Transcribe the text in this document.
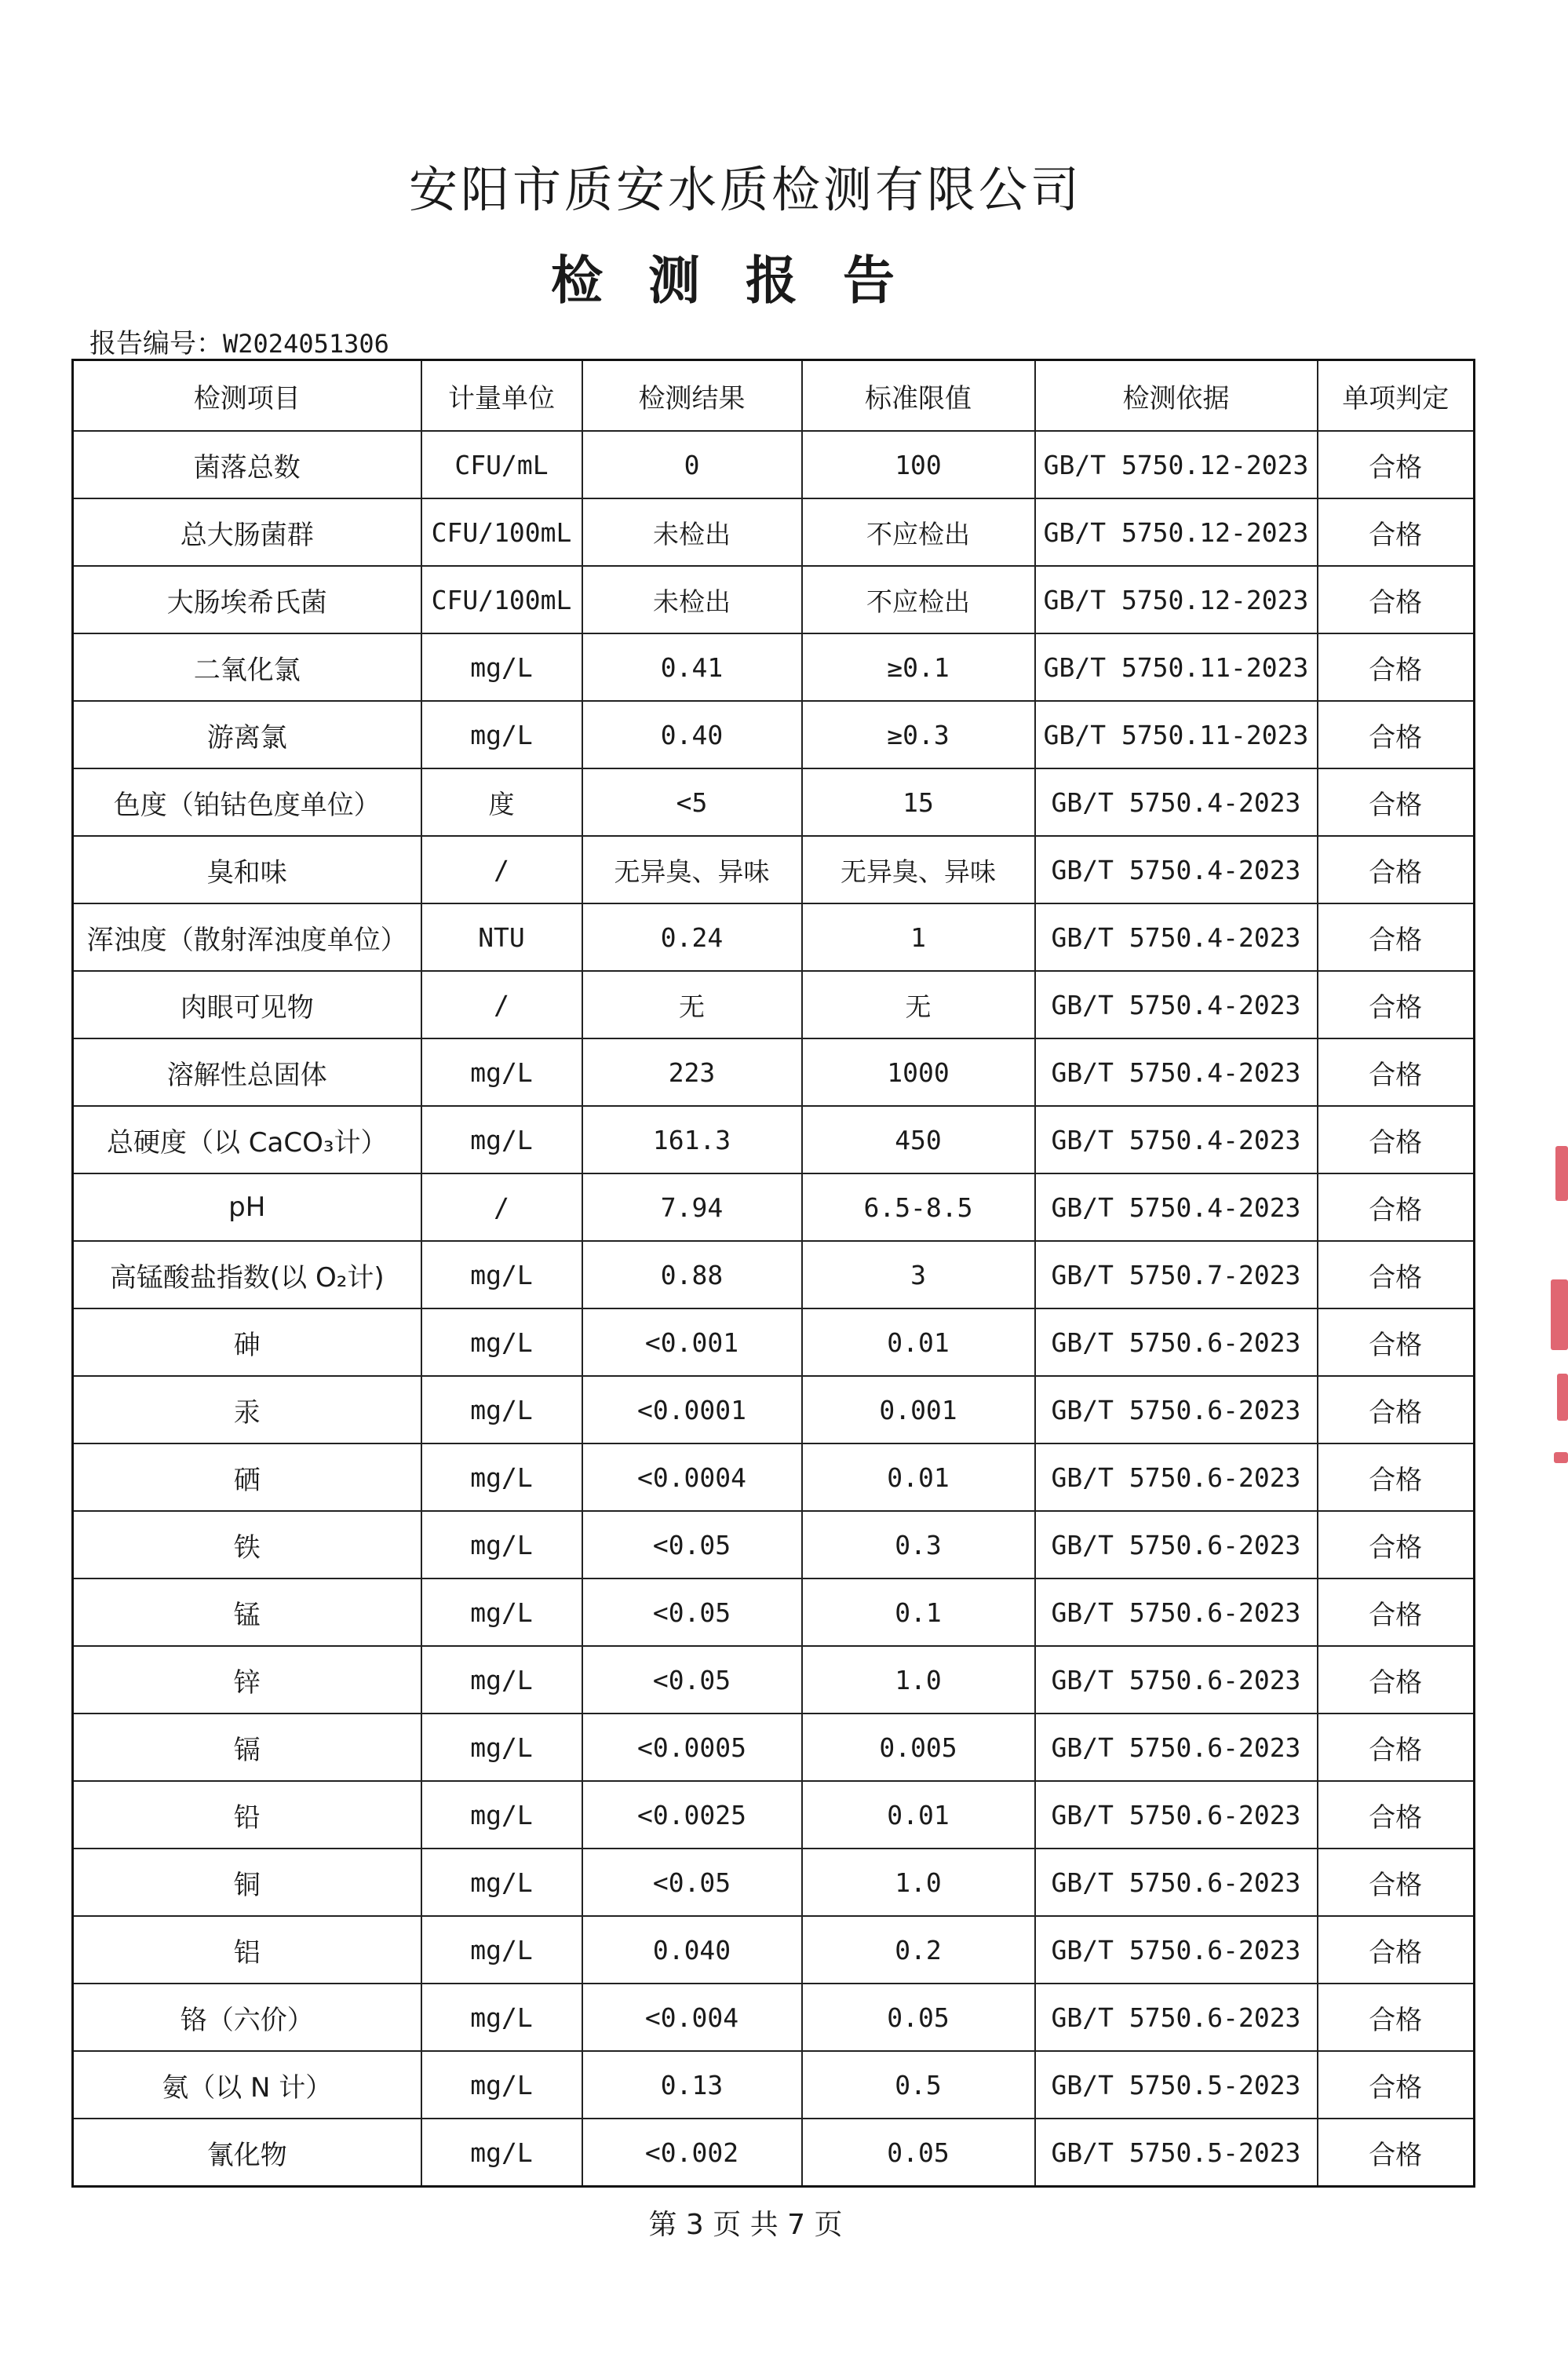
安阳市质安水质检测有限公司
检测报告
报告编号：W2024051306
检测项目	计量单位	检测结果	标准限值	检测依据	单项判定
菌落总数	CFU/mL	0	100	GB/T 5750.12-2023	合格
总大肠菌群	CFU/100mL	未检出	不应检出	GB/T 5750.12-2023	合格
大肠埃希氏菌	CFU/100mL	未检出	不应检出	GB/T 5750.12-2023	合格
二氧化氯	mg/L	0.41	≥0.1	GB/T 5750.11-2023	合格
游离氯	mg/L	0.40	≥0.3	GB/T 5750.11-2023	合格
色度（铂钴色度单位）	度	<5	15	GB/T 5750.4-2023	合格
臭和味	/	无异臭、异味	无异臭、异味	GB/T 5750.4-2023	合格
浑浊度（散射浑浊度单位）	NTU	0.24	1	GB/T 5750.4-2023	合格
肉眼可见物	/	无	无	GB/T 5750.4-2023	合格
溶解性总固体	mg/L	223	1000	GB/T 5750.4-2023	合格
总硬度（以 CaCO₃计）	mg/L	161.3	450	GB/T 5750.4-2023	合格
pH	/	7.94	6.5-8.5	GB/T 5750.4-2023	合格
高锰酸盐指数(以 O₂计)	mg/L	0.88	3	GB/T 5750.7-2023	合格
砷	mg/L	<0.001	0.01	GB/T 5750.6-2023	合格
汞	mg/L	<0.0001	0.001	GB/T 5750.6-2023	合格
硒	mg/L	<0.0004	0.01	GB/T 5750.6-2023	合格
铁	mg/L	<0.05	0.3	GB/T 5750.6-2023	合格
锰	mg/L	<0.05	0.1	GB/T 5750.6-2023	合格
锌	mg/L	<0.05	1.0	GB/T 5750.6-2023	合格
镉	mg/L	<0.0005	0.005	GB/T 5750.6-2023	合格
铅	mg/L	<0.0025	0.01	GB/T 5750.6-2023	合格
铜	mg/L	<0.05	1.0	GB/T 5750.6-2023	合格
铝	mg/L	0.040	0.2	GB/T 5750.6-2023	合格
铬（六价）	mg/L	<0.004	0.05	GB/T 5750.6-2023	合格
氨（以 N 计）	mg/L	0.13	0.5	GB/T 5750.5-2023	合格
氰化物	mg/L	<0.002	0.05	GB/T 5750.5-2023	合格
第 3 页 共 7 页
